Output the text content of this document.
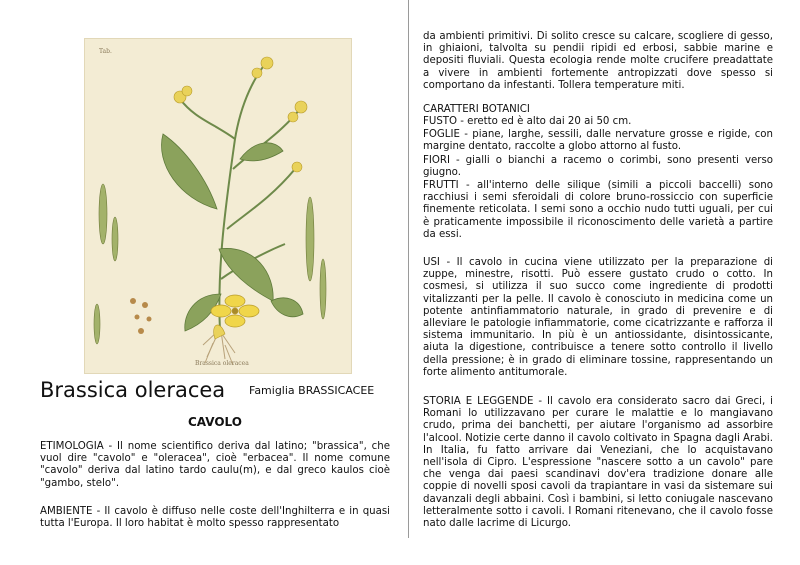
Tab.
Brassica oleracea
Brassica oleracea Famiglia BRASSICACEE
CAVOLO

ETIMOLOGIA - Il nome scientifico deriva dal latino; "brassica", che vuol dire "cavolo" e "oleracea", cioè "erbacea". Il nome comune "cavolo" deriva dal latino tardo caulu(m), e dal greco kaulos cioè "gambo, stelo".

AMBIENTE - Il cavolo è diffuso nelle coste dell'Inghilterra e in quasi tutta l'Europa. Il loro habitat è molto spesso rappresentato

da ambienti primitivi. Di solito cresce su calcare, scogliere di gesso, in ghiaioni, talvolta su pendii ripidi ed erbosi, sabbie marine e depositi fluviali. Questa ecologia rende molte crucifere preadattate a vivere in ambienti fortemente antropizzati dove spesso si comportano da infestanti. Tollera temperature miti.

CARATTERI BOTANICI

FUSTO - eretto ed è alto dai 20 ai 50 cm.

FOGLIE - piane, larghe, sessili, dalle nervature grosse e rigide, con margine dentato, raccolte a globo attorno al fusto.

FIORI - gialli o bianchi a racemo o corimbi, sono presenti verso giugno.

FRUTTI - all'interno delle silique (simili a piccoli baccelli) sono racchiusi i semi sferoidali di colore bruno-rossiccio con superficie finemente reticolata. I semi sono a occhio nudo tutti uguali, per cui è praticamente impossibile il riconoscimento delle varietà a partire da essi.

USI - Il cavolo in cucina viene utilizzato per la preparazione di zuppe, minestre, risotti. Può essere gustato crudo o cotto. In cosmesi, si utilizza il suo succo come ingrediente di prodotti vitalizzanti per la pelle. Il cavolo è conosciuto in medicina come un potente antinfiammatorio naturale, in grado di prevenire e di alleviare le patologie infiammatorie, come cicatrizzante e rafforza il sistema immunitario. In più è un antiossidante, disintossicante, aiuta la digestione, contribuisce a tenere sotto controllo il livello della pressione; è in grado di eliminare tossine, rappresentando un forte alimento antitumorale.

STORIA E LEGGENDE - Il cavolo era considerato sacro dai Greci, i Romani lo utilizzavano per curare le malattie e lo mangiavano crudo, prima dei banchetti, per aiutare l'organismo ad assorbire l'alcool. Notizie certe danno il cavolo coltivato in Spagna dagli Arabi. In Italia, fu fatto arrivare dai Veneziani, che lo acquistavano nell'isola di Cipro. L'espressione "nascere sotto a un cavolo" pare che venga dai paesi scandinavi dov'era tradizione donare alle coppie di novelli sposi cavoli da trapiantare in vasi da sistemare sui davanzali degli abbaini. Così i bambini, si letto coniugale nascevano letteralmente sotto i cavoli. I Romani ritenevano, che il cavolo fosse nato dalle lacrime di Licurgo.
